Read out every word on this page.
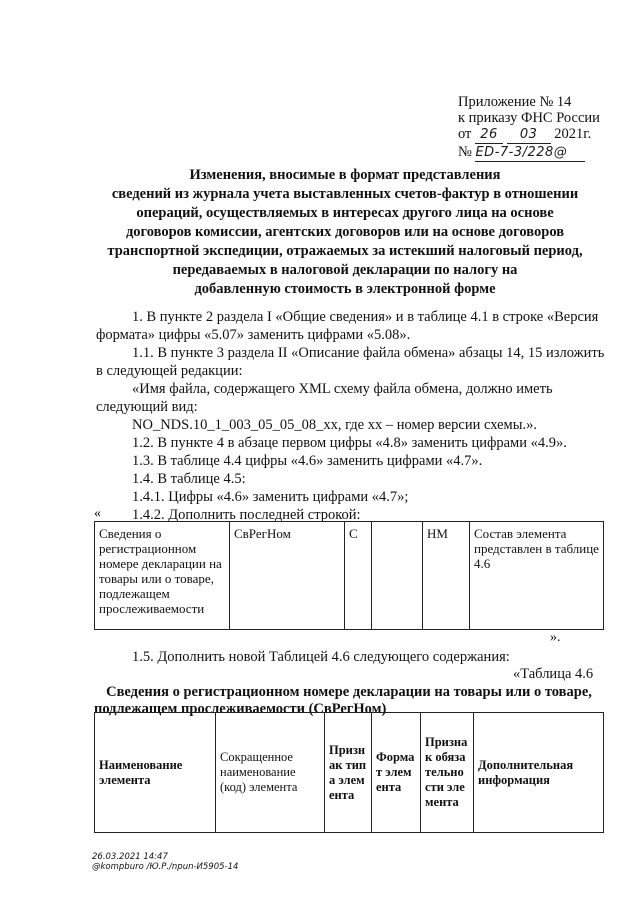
Приложение № 14
к приказу ФНС России
от 26 03 2021г.
№ ЕD-7-3/228@
Изменения, вносимые в формат представления
сведений из журнала учета выставленных счетов-фактур в отношении
операций, осуществляемых в интересах другого лица на основе
договоров комиссии, агентских договоров или на основе договоров
транспортной экспедиции, отражаемых за истекший налоговый период,
передаваемых в налоговой декларации по налогу на
добавленную стоимость в электронной форме
1. В пункте 2 раздела I «Общие сведения» и в таблице 4.1 в строке «Версия
формата» цифры «5.07» заменить цифрами «5.08».
1.1. В пункте 3 раздела II «Описание файла обмена» абзацы 14, 15 изложить
в следующей редакции:
«Имя файла, содержащего XML схему файла обмена, должно иметь
следующий вид:
NO_NDS.10_1_003_05_05_08_xx, где xx – номер версии схемы.».
1.2. В пункте 4 в абзаце первом цифры «4.8» заменить цифрами «4.9».
1.3. В таблице 4.4 цифры «4.6» заменить цифрами «4.7».
1.4. В таблице 4.5:
1.4.1. Цифры «4.6» заменить цифрами «4.7»;
1.4.2. Дополнить последней строкой:
«
Сведения о регистрационном номере декларации на товары или о товаре, подлежащем прослеживаемости	СвРегНом	С		НМ	Состав элемента представлен в таблице 4.6
».
1.5. Дополнить новой Таблицей 4.6 следующего содержания:
«Таблица 4.6
Сведения о регистрационном номере декларации на товары или о товаре,
подлежащем прослеживаемости (СвРегНом)
Наименование элемента	Сокращенное наименование (код) элемента	Признак типа элемента	Формат элемента	Признак обязательности элемента	Дополнительная информация
26.03.2021 14:47
@kompburo /Ю.Р./npun-И5905-14
